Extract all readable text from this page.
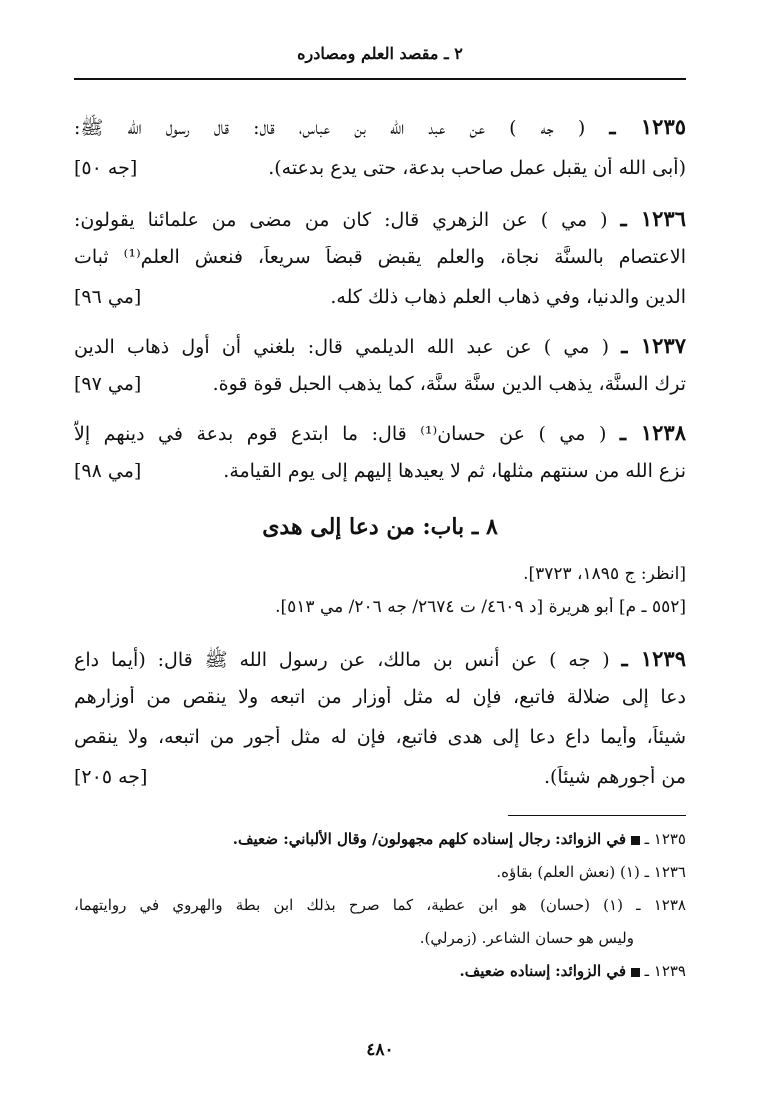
٢ ـ مقصد العلم ومصادره
١٢٣٥ ـ ( جه ) عن عبد الله بن عباس، قال: قال رسول الله ﷺ:
(أبى الله أن يقبل عمل صاحب بدعة، حتى يدع بدعته).
[جه ٥٠]
١٢٣٦ ـ ( مي ) عن الزهري قال: كان من مضى من علمائنا يقولون:
الاعتصام بالسنَّة نجاة، والعلم يقبض قبضاً سريعاً، فنعش العلم⁽¹⁾ ثبات
الدين والدنيا، وفي ذهاب العلم ذهاب ذلك كله.
[مي ٩٦]
١٢٣٧ ـ ( مي ) عن عبد الله الديلمي قال: بلغني أن أول ذهاب الدين
ترك السنَّة، يذهب الدين سنَّة سنَّة، كما يذهب الحبل قوة قوة.
[مي ٩٧]
١٢٣٨ ـ ( مي ) عن حسان⁽¹⁾ قال: ما ابتدع قوم بدعة في دينهم إلاَّ
نزع الله من سنتهم مثلها، ثم لا يعيدها إليهم إلى يوم القيامة.
[مي ٩٨]
٨ ـ باب: من دعا إلى هدى
[انظر: ج ١٨٩٥، ٣٧٢٣].
[٥٥٢ ـ م] أبو هريرة [د ٤٦٠٩/ ت ٢٦٧٤/ جه ٢٠٦/ مي ٥١٣].
١٢٣٩ ـ ( جه ) عن أنس بن مالك، عن رسول الله ﷺ قال: (أيما داع
دعا إلى ضلالة فاتبع، فإن له مثل أوزار من اتبعه ولا ينقص من أوزارهم
شيئاً، وأيما داع دعا إلى هدى فاتبع، فإن له مثل أجور من اتبعه، ولا ينقص
من أجورهم شيئاً).
[جه ٢٠٥]
١٢٣٥ ـ  في الزوائد: رجال إسناده كلهم مجهولون/ وقال الألباني: ضعيف.
١٢٣٦ ـ (١) (نعش العلم) بقاؤه.
١٢٣٨ ـ (١) (حسان) هو ابن عطية، كما صرح بذلك ابن بطة والهروي في روايتهما،
وليس هو حسان الشاعر. (زمرلي).
١٢٣٩ ـ  في الزوائد: إسناده ضعيف.
٤٨٠
